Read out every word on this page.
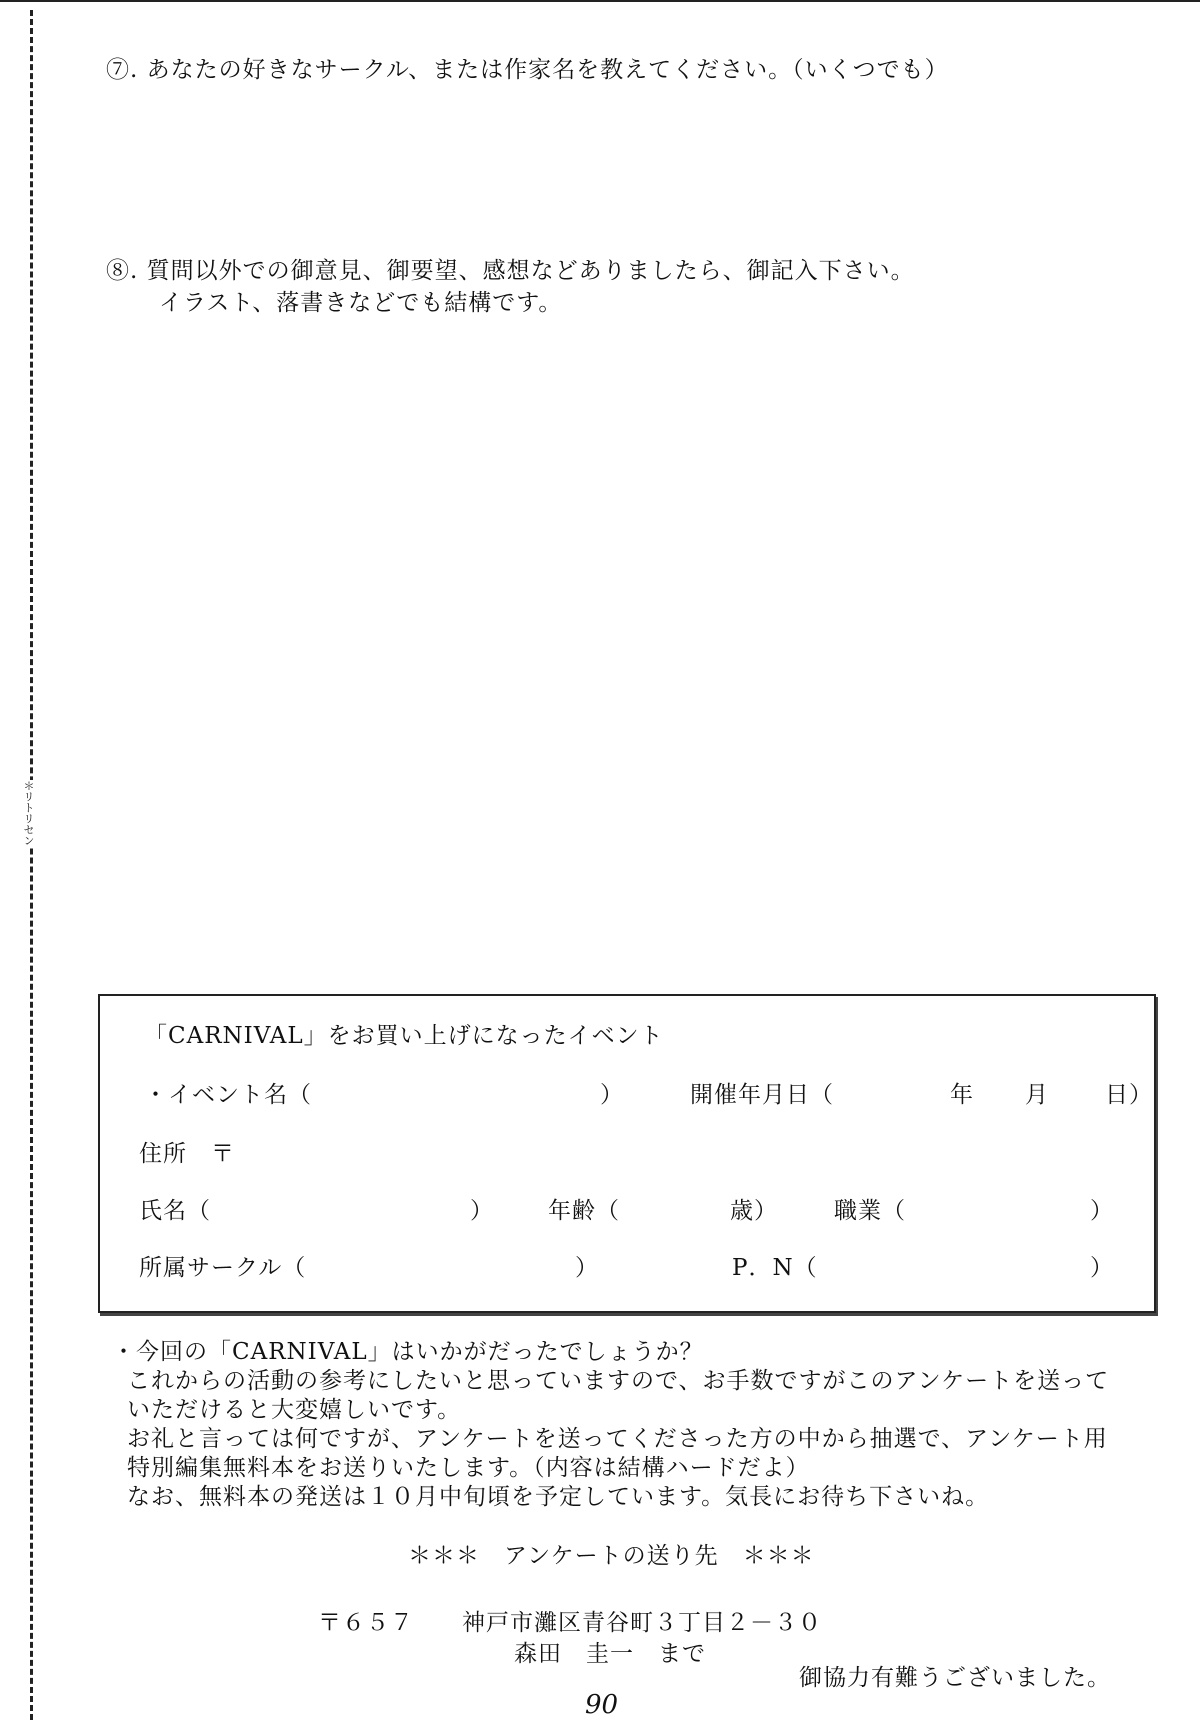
＊リトリセン
⑦. あなたの好きなサークル、または作家名を教えてください。（いくつでも）
⑧. 質問以外での御意見、御要望、感想などありましたら、御記入下さい。
イラスト、落書きなどでも結構です。
「CARNIVAL」をお買い上げになったイベント
・イベント名（	）	開催年月日（	年 月 日）
住所　〒
氏名（	） 年齢（	歳） 職業（	）
所属サークル（	）	P．N（	）
・今回の「CARNIVAL」はいかがだったでしょうか？
これからの活動の参考にしたいと思っていますので、お手数ですがこのアンケートを送って
いただけると大変嬉しいです。
お礼と言っては何ですが、アンケートを送ってくださった方の中から抽選で、アンケート用
特別編集無料本をお送りいたします。（内容は結構ハードだよ）
なお、無料本の発送は１０月中旬頃を予定しています。気長にお待ち下さいね。
＊＊＊　アンケートの送り先　＊＊＊
〒６５７　　神戸市灘区青谷町３丁目２－３０
森田　圭一　まで
御協力有難うございました。
90
